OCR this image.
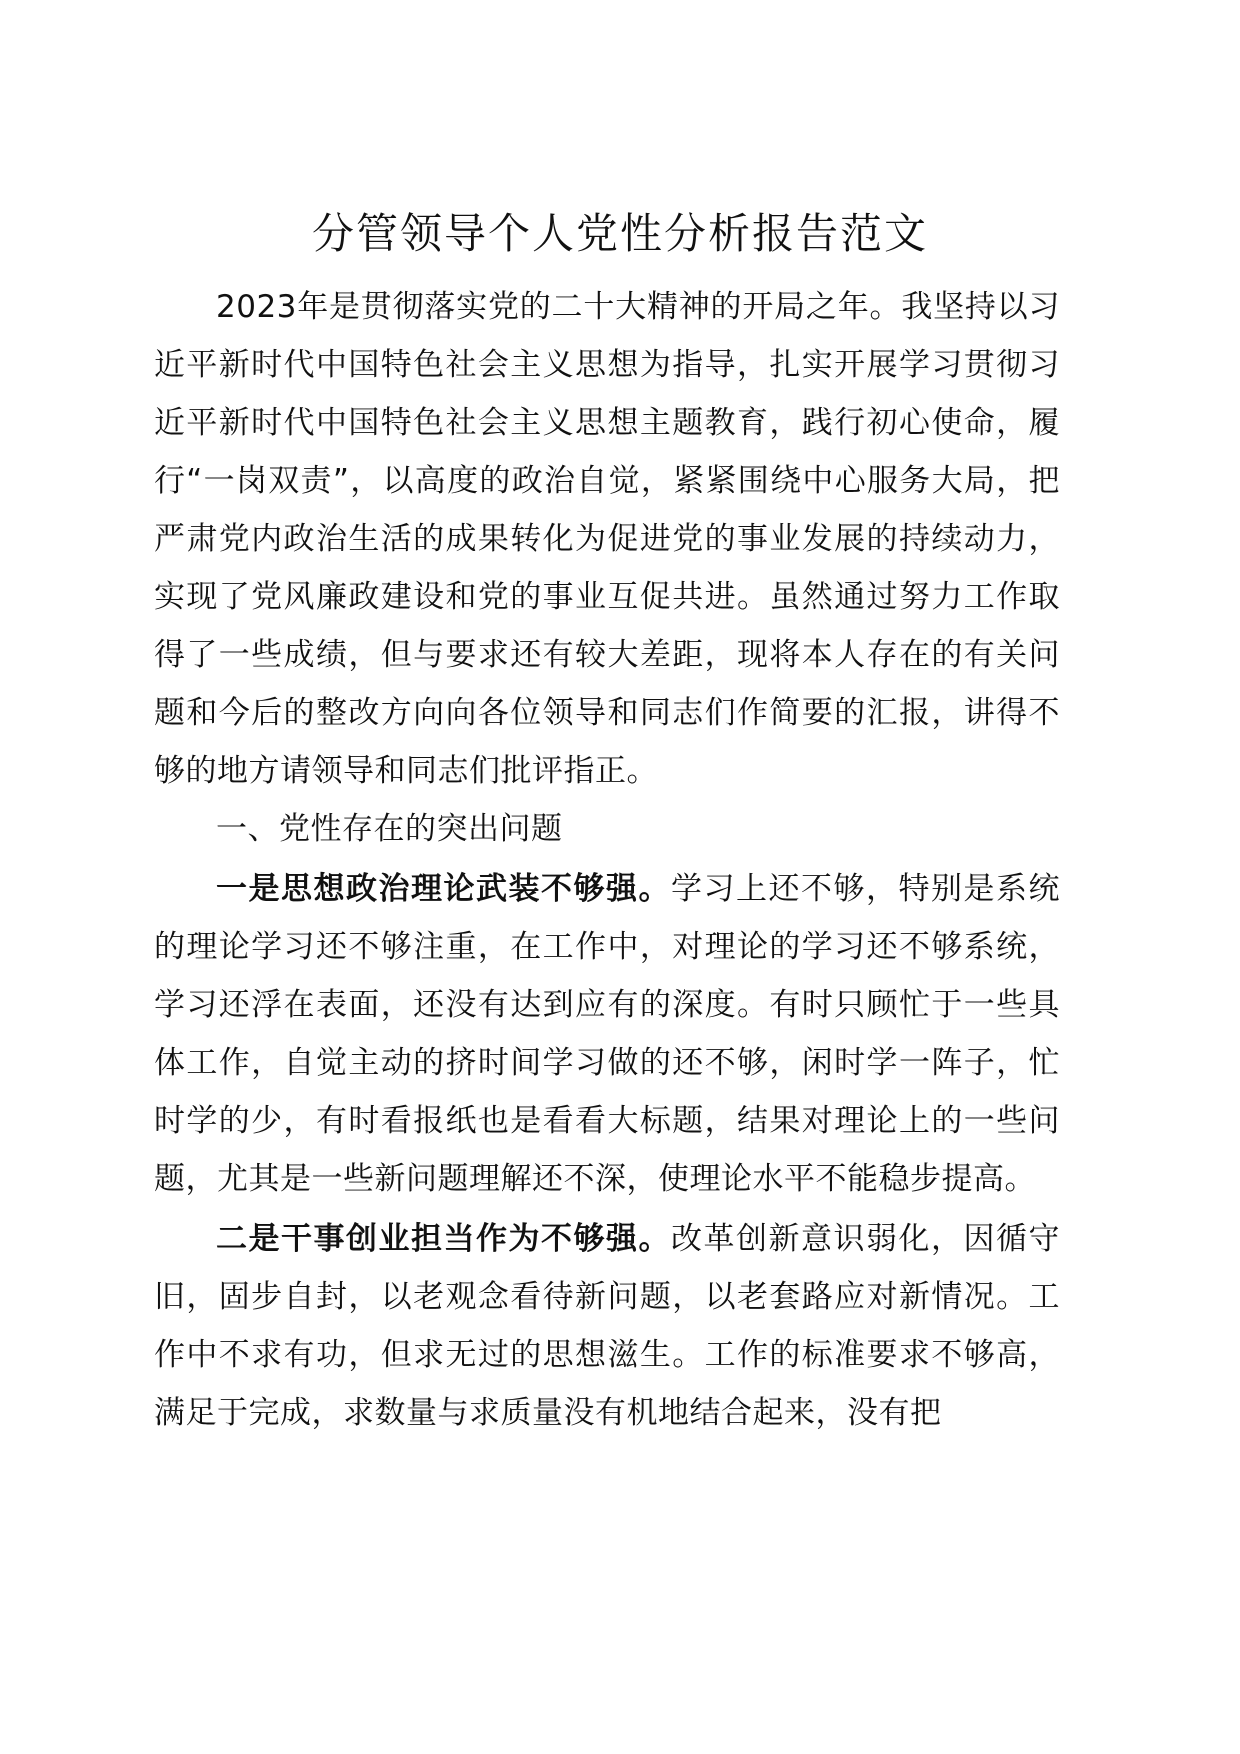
分管领导个人党性分析报告范文

2023年是贯彻落实党的二十大精神的开局之年。我坚持以习近平新时代中国特色社会主义思想为指导，扎实开展学习贯彻习近平新时代中国特色社会主义思想主题教育，践行初心使命，履行“一岗双责”，以高度的政治自觉，紧紧围绕中心服务大局，把严肃党内政治生活的成果转化为促进党的事业发展的持续动力，实现了党风廉政建设和党的事业互促共进。虽然通过努力工作取得了一些成绩，但与要求还有较大差距，现将本人存在的有关问题和今后的整改方向向各位领导和同志们作简要的汇报，讲得不够的地方请领导和同志们批评指正。

一、党性存在的突出问题

一是思想政治理论武装不够强。学习上还不够，特别是系统的理论学习还不够注重，在工作中，对理论的学习还不够系统，学习还浮在表面，还没有达到应有的深度。有时只顾忙于一些具体工作，自觉主动的挤时间学习做的还不够，闲时学一阵子，忙时学的少，有时看报纸也是看看大标题，结果对理论上的一些问题，尤其是一些新问题理解还不深，使理论水平不能稳步提高。

二是干事创业担当作为不够强。改革创新意识弱化，因循守旧，固步自封，以老观念看待新问题，以老套路应对新情况。工作中不求有功，但求无过的思想滋生。工作的标准要求不够高，满足于完成，求数量与求质量没有机地结合起来，没有把
